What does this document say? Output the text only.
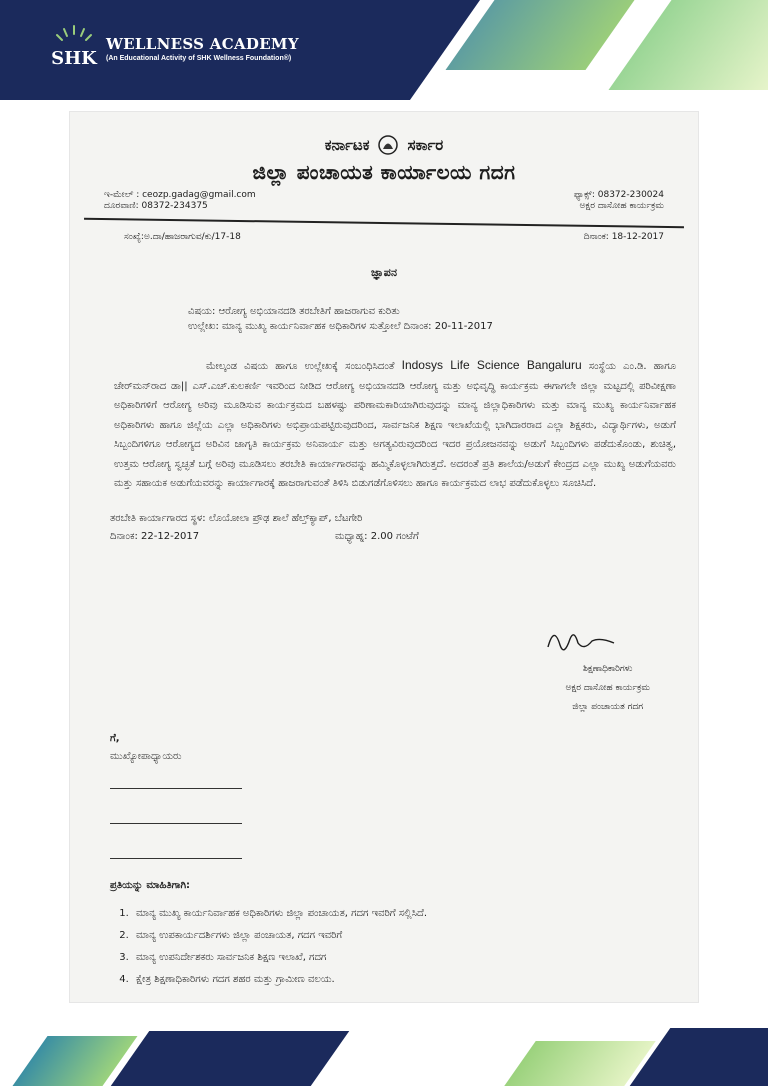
SHK
WELLNESS ACADEMY
(An Educational Activity of SHK Wellness Foundation®)
ಕರ್ನಾಟಕ	ಸರ್ಕಾರ
ಜಿಲ್ಲಾ ಪಂಚಾಯತ ಕಾರ್ಯಾಲಯ ಗದಗ
ಇ-ಮೇಲ್ : ceozp.gadag@gmail.com
ದೂರವಾಣಿ: 08372-234375
ಫ್ಯಾಕ್ಸ್: 08372-230024
ಅಕ್ಷರ ದಾಸೋಹ ಕಾರ್ಯಕ್ರಮ
ಸಂಖ್ಯೆ:ಅ.ದಾ/ಹಾಜರಾಗುವ/ಕು/17-18	ದಿನಾಂಕ: 18-12-2017
ಜ್ಞಾಪನ
ವಿಷಯ: ಆರೋಗ್ಯ ಅಭಿಯಾನದಡಿ ತರಬೇತಿಗೆ ಹಾಜರಾಗುವ ಕುರಿತು
ಉಲ್ಲೇಖ: ಮಾನ್ಯ ಮುಖ್ಯ ಕಾರ್ಯನಿರ್ವಾಹಕ ಅಧಿಕಾರಿಗಳ ಸುತ್ತೋಲೆ ದಿನಾಂಕ: 20-11-2017
ಮೇಲ್ಕಂಡ ವಿಷಯ ಹಾಗೂ ಉಲ್ಲೇಖಕ್ಕೆ ಸಂಬಂಧಿಸಿದಂತೆ Indosys Life Science Bangaluru ಸಂಸ್ಥೆಯ ಎಂ.ಡಿ. ಹಾಗೂ ಚೇರ್‌ಮನ್‌ರಾದ ಡಾ|| ಎಸ್.ಎಚ್.ಕುಲಕರ್ಣಿ ಇವರಿಂದ ನೀಡಿದ ಆರೋಗ್ಯ ಅಭಿಯಾನದಡಿ ಆರೋಗ್ಯ ಮತ್ತು ಅಭಿವೃದ್ಧಿ ಕಾರ್ಯಕ್ರಮ ಈಗಾಗಲೇ ಜಿಲ್ಲಾ ಮಟ್ಟದಲ್ಲಿ ಪರಿವೀಕ್ಷಣಾ ಅಧಿಕಾರಿಗಳಿಗೆ ಆರೋಗ್ಯ ಅರಿವು ಮೂಡಿಸುವ ಕಾರ್ಯಕ್ರಮದ ಬಹಳಷ್ಟು ಪರಿಣಾಮಕಾರಿಯಾಗಿರುವುದನ್ನು ಮಾನ್ಯ ಜಿಲ್ಲಾಧಿಕಾರಿಗಳು ಮತ್ತು ಮಾನ್ಯ ಮುಖ್ಯ ಕಾರ್ಯನಿರ್ವಾಹಕ ಅಧಿಕಾರಿಗಳು ಹಾಗೂ ಜಿಲ್ಲೆಯ ಎಲ್ಲಾ ಅಧಿಕಾರಿಗಳು ಅಭಿಪ್ರಾಯಪಟ್ಟಿರುವುದರಿಂದ, ಸಾರ್ವಜನಿಕ ಶಿಕ್ಷಣ ಇಲಾಖೆಯಲ್ಲಿ ಭಾಗಿದಾರರಾದ ಎಲ್ಲಾ ಶಿಕ್ಷಕರು, ವಿದ್ಯಾರ್ಥಿಗಳು, ಅಡುಗೆ ಸಿಬ್ಬಂದಿಗಳಿಗೂ ಆರೋಗ್ಯದ ಅರಿವಿನ ಜಾಗೃತಿ ಕಾರ್ಯಕ್ರಮ ಅನಿವಾರ್ಯ ಮತ್ತು ಅಗತ್ಯವಿರುವುದರಿಂದ ಇದರ ಪ್ರಯೋಜನವನ್ನು ಅಡುಗೆ ಸಿಬ್ಬಂದಿಗಳು ಪಡೆದುಕೊಂಡು, ಶುಚಿತ್ವ, ಉತ್ತಮ ಆರೋಗ್ಯ ಸ್ವಚ್ಛತೆ ಬಗ್ಗೆ ಅರಿವು ಮೂಡಿಸಲು ತರಬೇತಿ ಕಾರ್ಯಾಗಾರವನ್ನು ಹಮ್ಮಿಕೊಳ್ಳಲಾಗಿರುತ್ತದೆ. ಅದರಂತೆ ಪ್ರತಿ ಶಾಲೆಯ/ಅಡುಗೆ ಕೇಂದ್ರದ ಎಲ್ಲಾ ಮುಖ್ಯ ಅಡುಗೆಯವರು ಮತ್ತು ಸಹಾಯಕ ಅಡುಗೆಯವರನ್ನು ಕಾರ್ಯಾಗಾರಕ್ಕೆ ಹಾಜರಾಗುವಂತೆ ತಿಳಿಸಿ ಬಿಡುಗಡೆಗೊಳಿಸಲು ಹಾಗೂ ಕಾರ್ಯಕ್ರಮದ ಲಾಭ ಪಡೆದುಕೊಳ್ಳಲು ಸೂಚಿಸಿದೆ.
ತರಬೇತಿ ಕಾರ್ಯಾಗಾರದ ಸ್ಥಳ: ಲೊಯೋಲಾ ಪ್ರೌಢ ಶಾಲೆ ಹೆಲ್ತ್‌ಕ್ಯಾಪ್, ಬೆಟಗೇರಿ
ದಿನಾಂಕ: 22-12-2017	ಮಧ್ಯಾಹ್ನ: 2.00 ಗಂಟೆಗೆ
ಶಿಕ್ಷಣಾಧಿಕಾರಿಗಳು
ಅಕ್ಷರ ದಾಸೋಹ ಕಾರ್ಯಕ್ರಮ
ಜಿಲ್ಲಾ ಪಂಚಾಯತ ಗದಗ
ಗೆ,
ಮುಖ್ಯೋಪಾಧ್ಯಾಯರು
ಪ್ರತಿಯನ್ನು ಮಾಹಿತಿಗಾಗಿ:
1. ಮಾನ್ಯ ಮುಖ್ಯ ಕಾರ್ಯನಿರ್ವಾಹಕ ಅಧಿಕಾರಿಗಳು ಜಿಲ್ಲಾ ಪಂಚಾಯತ, ಗದಗ ಇವರಿಗೆ ಸಲ್ಲಿಸಿದೆ.
2. ಮಾನ್ಯ ಉಪಕಾರ್ಯದರ್ಶಿಗಳು ಜಿಲ್ಲಾ ಪಂಚಾಯತ, ಗದಗ ಇವರಿಗೆ
3. ಮಾನ್ಯ ಉಪನಿರ್ದೇಶಕರು ಸಾರ್ವಜನಿಕ ಶಿಕ್ಷಣ ಇಲಾಖೆ, ಗದಗ
4. ಕ್ಷೇತ್ರ ಶಿಕ್ಷಣಾಧಿಕಾರಿಗಳು ಗದಗ ಶಹರ ಮತ್ತು ಗ್ರಾಮೀಣ ವಲಯ.
